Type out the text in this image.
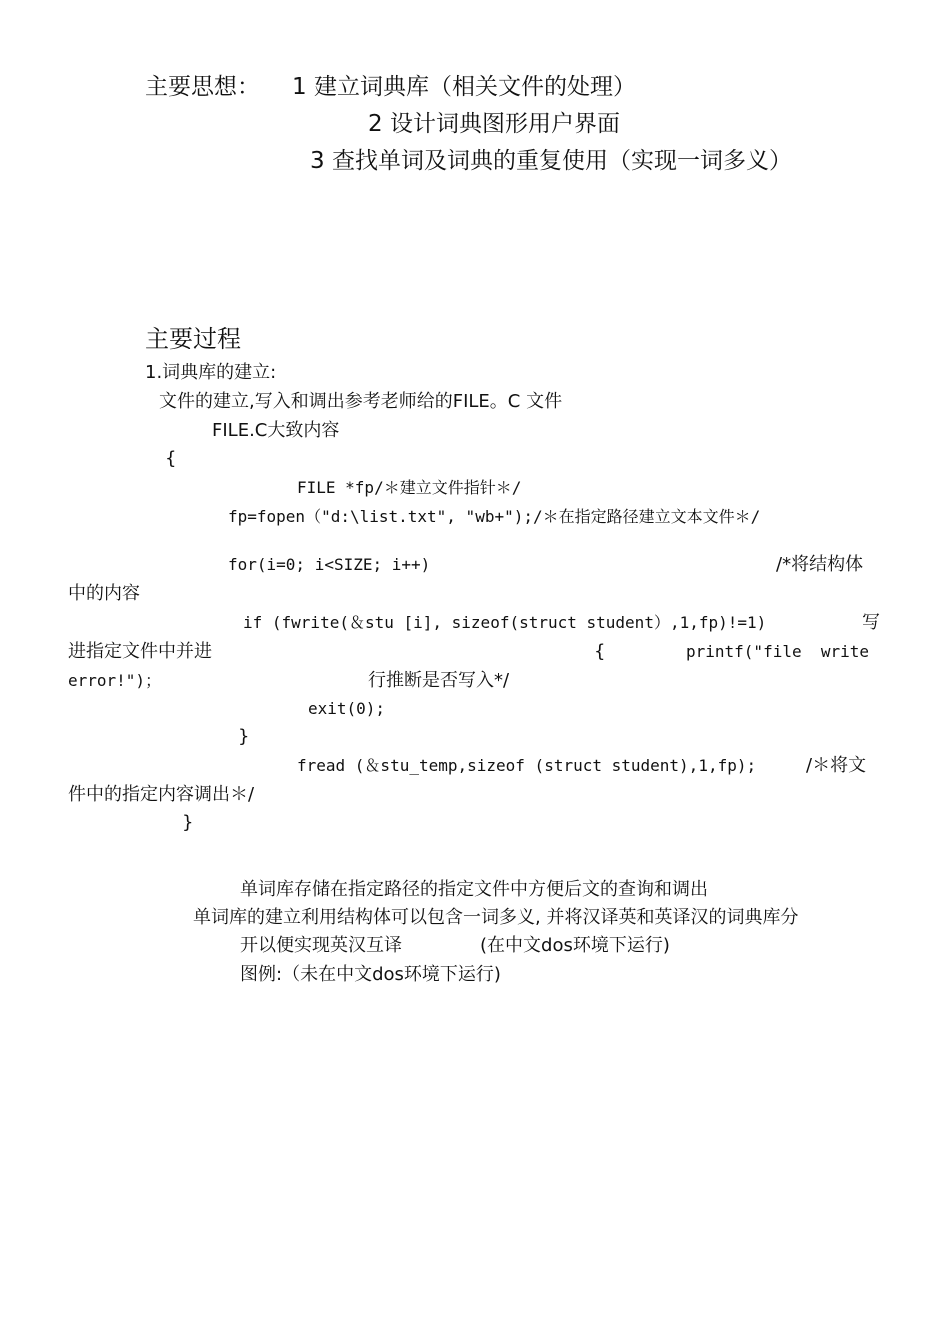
主要思想： 1 建立词典库（相关文件的处理）
2 设计词典图形用户界面
3 查找单词及词典的重复使用（实现一词多义）
主要过程
1.词典库的建立:
文件的建立,写入和调出参考老师给的FILE。C 文件
FILE.C大致内容
{
FILE *fp/＊建立文件指针＊/
fp=fopen（"d:\list.txt", "wb+");/＊在指定路径建立文本文件＊/
for(i=0; i<SIZE; i++)	/*将结构体
中的内容
if (fwrite(＆stu [i], sizeof(struct student）,1,fp)!=1)	写
进指定文件中并进	{	printf("file  write
error!")；	行推断是否写入*/
exit(0);
}
fread (＆stu_temp,sizeof (struct student),1,fp);	/＊将文
件中的指定内容调出＊/
}
单词库存储在指定路径的指定文件中方便后文的查询和调出
单词库的建立利用结构体可以包含一词多义, 并将汉译英和英译汉的词典库分
开以便实现英汉互译	(在中文dos环境下运行)
图例:（未在中文dos环境下运行)
